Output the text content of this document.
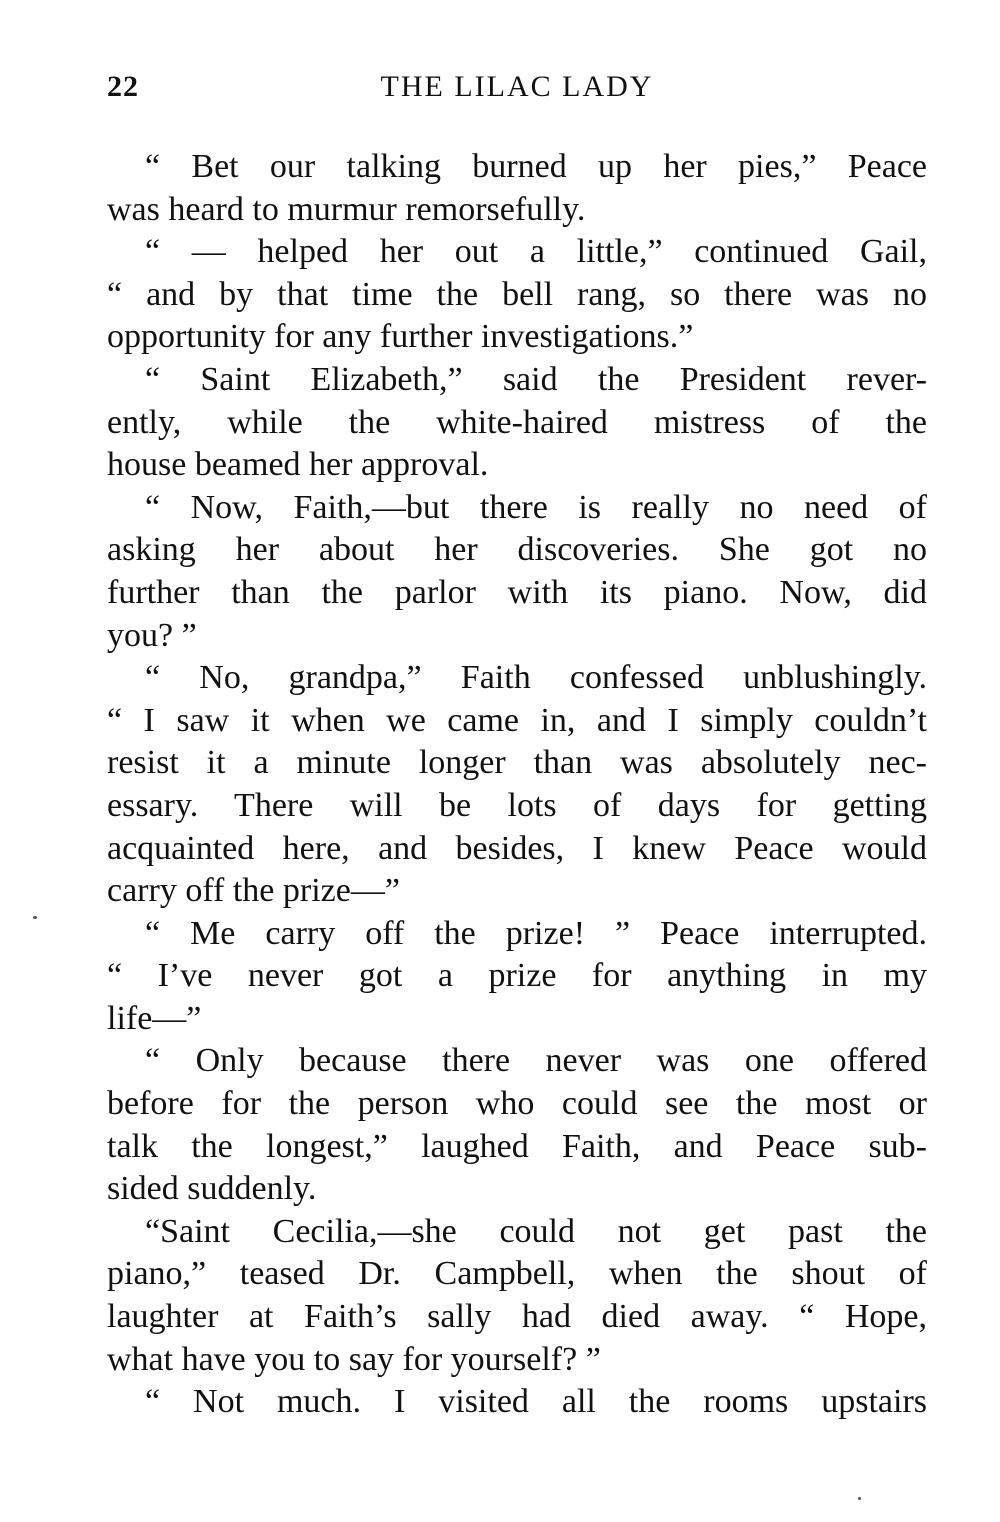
22	THE LILAC LADY
“ Bet our talking burned up her pies,” Peace
was heard to murmur remorsefully.
“ — helped her out a little,” continued Gail,
“ and by that time the bell rang, so there was no
opportunity for any further investigations.”
“ Saint Elizabeth,” said the President rever-
ently, while the white-haired mistress of the
house beamed her approval.
“ Now, Faith,—but there is really no need of
asking her about her discoveries. She got no
further than the parlor with its piano. Now, did
you? ”
“ No, grandpa,” Faith confessed unblushingly.
“ I saw it when we came in, and I simply couldn’t
resist it a minute longer than was absolutely nec-
essary. There will be lots of days for getting
acquainted here, and besides, I knew Peace would
carry off the prize—”
“ Me carry off the prize! ” Peace interrupted.
“ I’ve never got a prize for anything in my
life—”
“ Only because there never was one offered
before for the person who could see the most or
talk the longest,” laughed Faith, and Peace sub-
sided suddenly.
“Saint Cecilia,—she could not get past the
piano,” teased Dr. Campbell, when the shout of
laughter at Faith’s sally had died away. “ Hope,
what have you to say for yourself? ”
“ Not much. I visited all the rooms upstairs
